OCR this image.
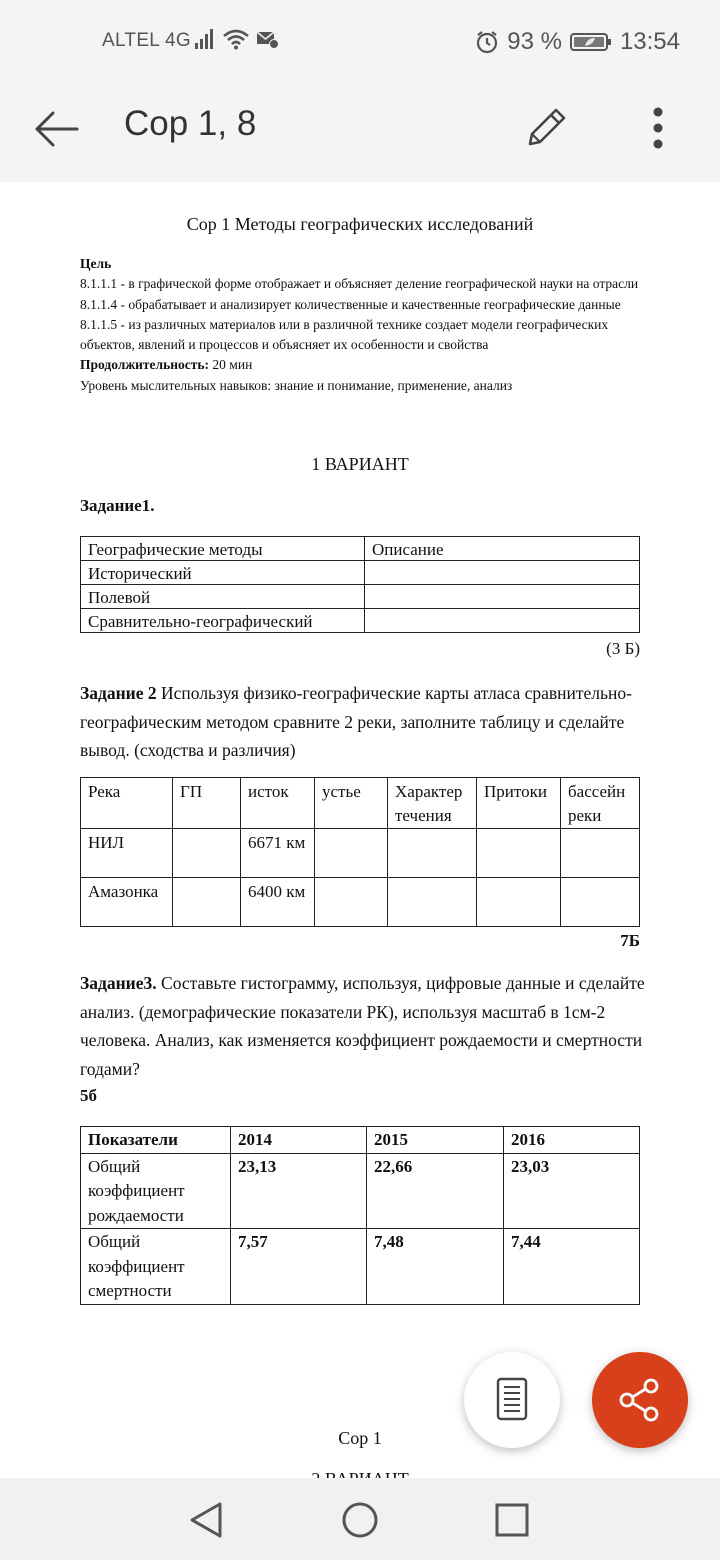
ALTEL 4G	93 % 13:54
Сор 1, 8
Сор 1 Методы географических исследований

Цель

8.1.1.1 - в графической форме отображает и объясняет деление географической науки на отрасли 8.1.1.4 - обрабатывает и анализирует количественные и качественные географические данные

8.1.1.5 - из различных материалов или в различной технике создает модели географических объектов, явлений и процессов и объясняет их особенности и свойства

Продолжительность: 20 мин

Уровень мыслительных навыков: знание и понимание, применение, анализ

1 ВАРИАНТ
Задание1.
Географические методы	Описание
Исторический	
Полевой	
Сравнительно-географический	
(3 Б)
Задание 2 Используя физико-географические карты атласа сравнительно-географическим методом сравните 2 реки, заполните таблицу и сделайте вывод. (сходства и различия)
Река	ГП	исток	устье	Характер течения	Притоки	бассейн реки
НИЛ		6671 км				
Амазонка		6400 км				
7Б
Задание3. Составьте гистограмму, используя, цифровые данные и сделайте анализ. (демографические показатели РК), используя масштаб в 1см-2 человека. Анализ, как изменяется коэффициент рождаемости и смертности годами?
5б
Показатели	2014	2015	2016
Общий коэффициент рождаемости	23,13	22,66	23,03
Общий коэффициент смертности	7,57	7,48	7,44
Сор 1
